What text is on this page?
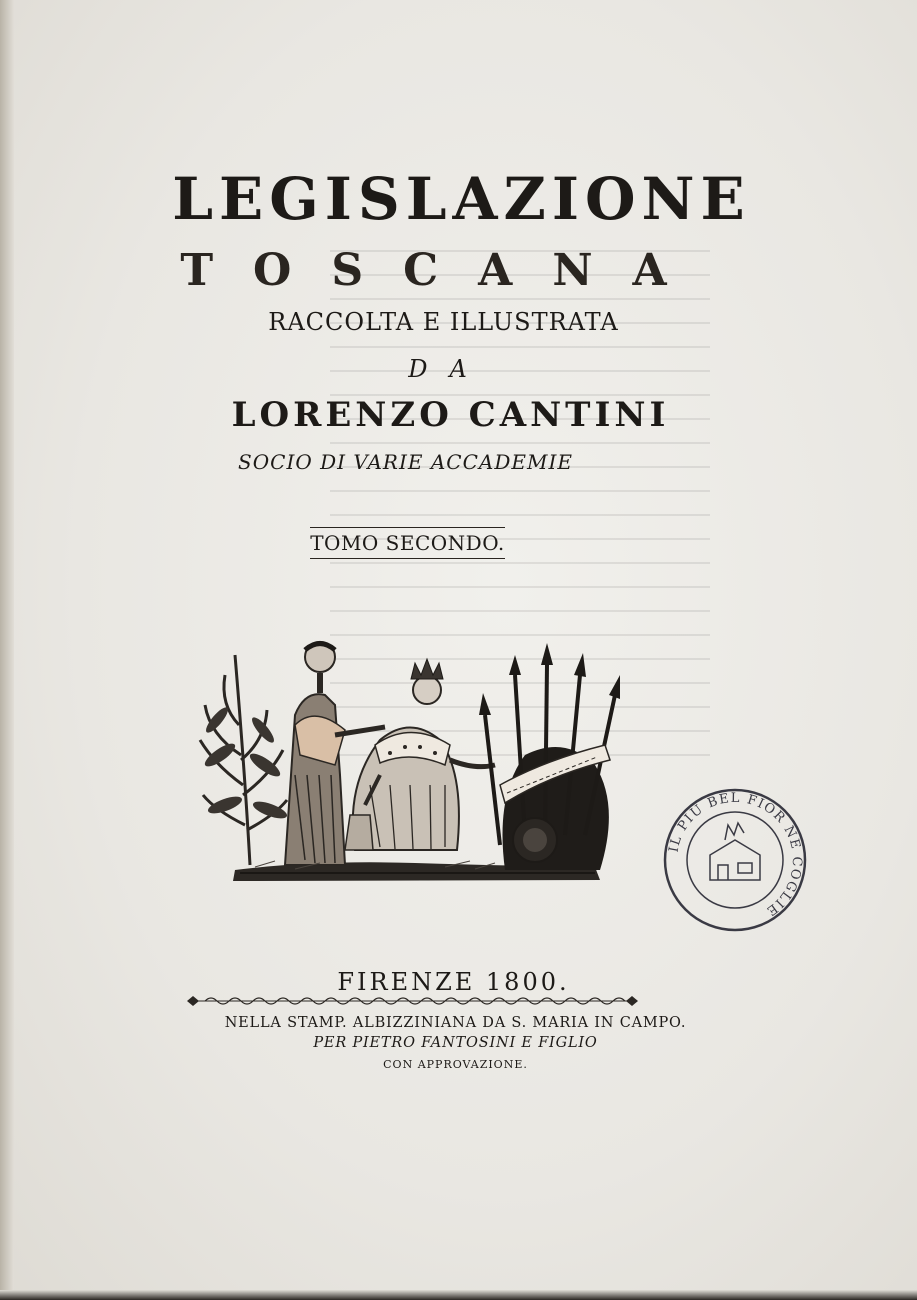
LEGISLAZIONE
TOSCANA
RACCOLTA E ILLUSTRATA
DA
LORENZO CANTINI
SOCIO DI VARIE ACCADEMIE
TOMO SECONDO.
IL PIU BEL FIOR NE COGLIE
FIRENZE 1800.
NELLA STAMP. ALBIZZINIANA DA S. MARIA IN CAMPO.
PER PIETRO FANTOSINI E FIGLIO
CON APPROVAZIONE.
